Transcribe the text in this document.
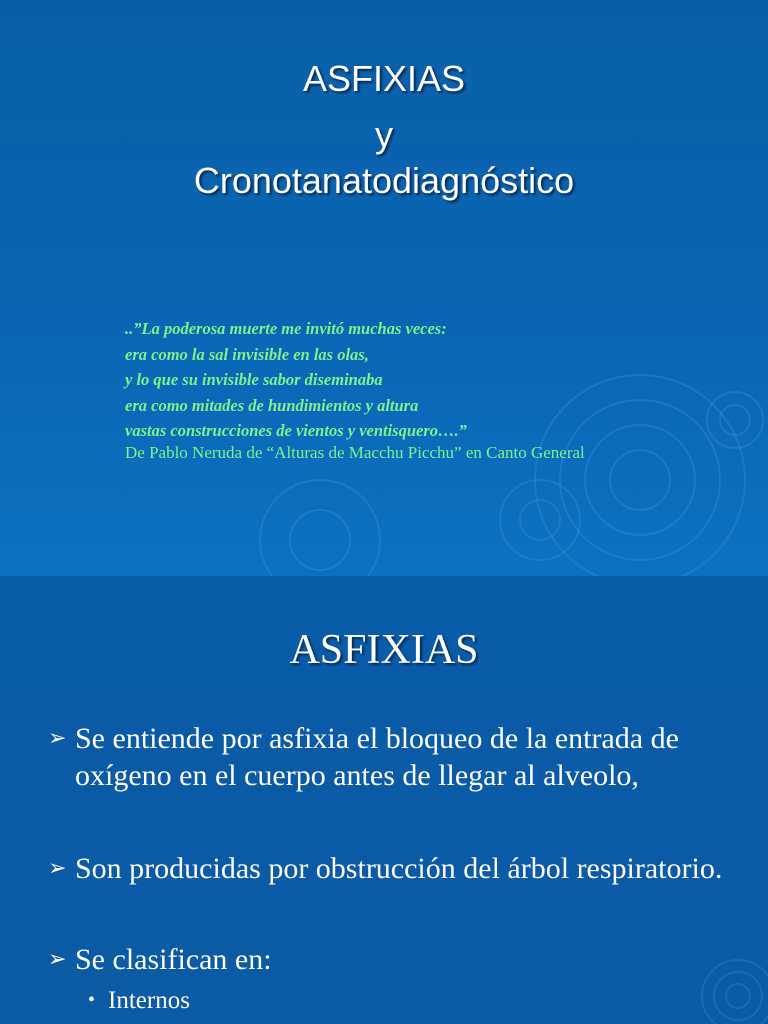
ASFIXIAS
y
Cronotanatodiagnóstico
..”La poderosa muerte me invitó muchas veces:
era como la sal invisible en las olas,
y lo que su invisible sabor diseminaba
era como mitades de hundimientos y altura
vastas construcciones de vientos y ventisquero….”
De Pablo Neruda de “Alturas de Macchu Picchu” en Canto General
ASFIXIAS
➢ Se entiende por asfixia el bloqueo de la entrada de oxígeno en el cuerpo antes de llegar al alveolo,
➢ Son producidas por obstrucción del árbol respiratorio.
➢ Se clasifican en:
• Internos
